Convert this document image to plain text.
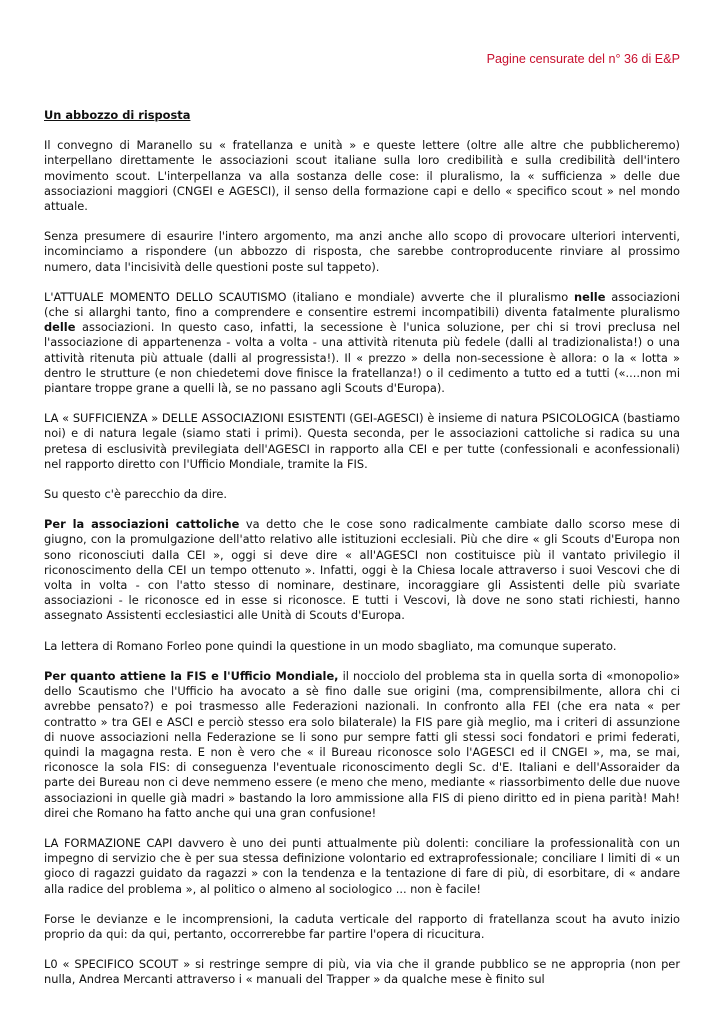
Pagine censurate del n° 36 di E&P
Un abbozzo di risposta

Il convegno di Maranello su « fratellanza e unità » e queste lettere (oltre alle altre che pubblicheremo) interpellano direttamente le associazioni scout italiane sulla loro credibilità e sulla credibilità dell'intero movimento scout. L'interpellanza va alla sostanza delle cose: il pluralismo, la « sufficienza » delle due associazioni maggiori (CNGEI e AGESCI), il senso della formazione capi e dello « specifico scout » nel mondo attuale.

Senza presumere di esaurire l'intero argomento, ma anzi anche allo scopo di provocare ulteriori interventi, incominciamo a rispondere (un abbozzo di risposta, che sarebbe controproducente rinviare al prossimo numero, data l'incisività delle questioni poste sul tappeto).

L'ATTUALE MOMENTO DELLO SCAUTISMO (italiano e mondiale) avverte che il pluralismo nelle associazioni (che si allarghi tanto, fino a comprendere e consentire estremi incompatibili) diventa fatalmente pluralismo delle associazioni. In questo caso, infatti, la secessione è l'unica soluzione, per chi si trovi preclusa nel l'associazione di appartenenza - volta a volta - una attività ritenuta più fedele (dalli al tradizionalista!) o una attività ritenuta più attuale (dalli al progressista!). Il « prezzo » della non-secessione è allora: o la « lotta » dentro le strutture (e non chiedetemi dove finisce la fratellanza!) o il cedimento a tutto ed a tutti («....non mi piantare troppe grane a quelli là, se no passano agli Scouts d'Europa).

LA « SUFFICIENZA » DELLE ASSOCIAZIONI ESISTENTI (GEI-AGESCI) è insieme di natura PSICOLOGICA (bastiamo noi) e di natura legale (siamo stati i primi). Questa seconda, per le associazioni cattoliche si radica su una pretesa di esclusività previlegiata dell'AGESCI in rapporto alla CEI e per tutte (confessionali e aconfessionali) nel rapporto diretto con l'Ufficio Mondiale, tramite la FIS.

Su questo c'è parecchio da dire.

Per la associazioni cattoliche va detto che le cose sono radicalmente cambiate dallo scorso mese di giugno, con la promulgazione dell'atto relativo alle istituzioni ecclesiali. Più che dire « gli Scouts d'Europa non sono riconosciuti daIla CEI », oggi si deve dire « all'AGESCI non costituisce più il vantato privilegio il riconoscimento della CEI un tempo ottenuto ». Infatti, oggi è la Chiesa locale attraverso i suoi Vescovi che di volta in volta - con l'atto stesso di nominare, destinare, incoraggiare gli Assistenti delle più svariate associazioni - le riconosce ed in esse si riconosce. E tutti i Vescovi, là dove ne sono stati richiesti, hanno assegnato Assistenti ecclesiastici alle Unità di Scouts d'Europa.

La lettera di Romano Forleo pone quindi la questione in un modo sbagliato, ma comunque superato.

Per quanto attiene la FIS e l'Ufficio Mondiale, il nocciolo del problema sta in quella sorta di «monopolio» dello Scautismo che l'Ufficio ha avocato a sè fino dalle sue origini (ma, comprensibilmente, allora chi ci avrebbe pensato?) e poi trasmesso alle Federazioni nazionali. In confronto alla FEI (che era nata « per contratto » tra GEI e ASCI e perciò stesso era solo bilaterale) la FIS pare già meglio, ma i criteri di assunzione di nuove associazioni nella Federazione se li sono pur sempre fatti gli stessi soci fondatori e primi federati, quindi la magagna resta. E non è vero che « il Bureau riconosce solo l'AGESCI ed il CNGEI », ma, se mai, riconosce la sola FIS: di conseguenza l'eventuale riconoscimento degli Sc. d'E. Italiani e dell'Assoraider da parte dei Bureau non ci deve nemmeno essere (e meno che meno, mediante « riassorbimento delle due nuove associazioni in quelle già madri » bastando la loro ammissione alla FIS di pieno diritto ed in piena parità! Mah! direi che Romano ha fatto anche qui una gran confusione!

LA FORMAZIONE CAPI davvero è uno dei punti attualmente più dolenti: conciliare la professionalità con un impegno di servizio che è per sua stessa definizione volontario ed extraprofessionale; conciliare I limiti di « un gioco di ragazzi guidato da ragazzi » con la tendenza e la tentazione di fare di più, di esorbitare, di « andare alla radice del problema », al politico o almeno al sociologico ... non è facile!

Forse le devianze e le incomprensioni, la caduta verticale del rapporto di fratellanza scout ha avuto inizio proprio da qui: da qui, pertanto, occorrerebbe far partire l'opera di ricucitura.

L0 « SPECIFICO SCOUT » si restringe sempre di più, via via che il grande pubblico se ne appropria (non per nulla, Andrea Mercanti attraverso i « manuali del Trapper » da qualche mese è finito sul
